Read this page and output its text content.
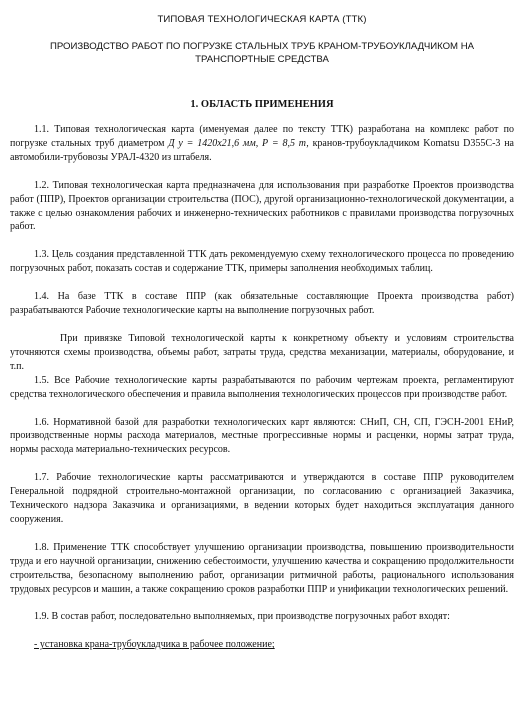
ТИПОВАЯ ТЕХНОЛОГИЧЕСКАЯ КАРТА (ТТК)

ПРОИЗВОДСТВО РАБОТ ПО ПОГРУЗКЕ СТАЛЬНЫХ ТРУБ КРАНОМ-ТРУБОУКЛАДЧИКОМ НА ТРАНСПОРТНЫЕ СРЕДСТВА

1. ОБЛАСТЬ ПРИМЕНЕНИЯ

1.1. Типовая технологическая карта (именуемая далее по тексту ТТК) разработана на комплекс работ по погрузке стальных труб диаметром Д у = 1420х21,6 мм, Р = 8,5 т, кранов-трубоукладчиком Komatsu D355C-3 на автомобили-трубовозы УРАЛ-4320 из штабеля.

1.2. Типовая технологическая карта предназначена для использования при разработке Проектов производства работ (ППР), Проектов организации строительства (ПОС), другой организационно-технологической документации, а также с целью ознакомления рабочих и инженерно-технических работников с правилами производства погрузочных работ.

1.3. Цель создания представленной ТТК дать рекомендуемую схему технологического процесса по проведению погрузочных работ, показать состав и содержание ТТК, примеры заполнения необходимых таблиц.

1.4. На базе ТТК в составе ППР (как обязательные составляющие Проекта производства работ) разрабатываются Рабочие технологические карты на выполнение погрузочных работ.

При привязке Типовой технологической карты к конкретному объекту и условиям строительства уточняются схемы производства, объемы работ, затраты труда, средства механизации, материалы, оборудование, и т.п.

1.5. Все Рабочие технологические карты разрабатываются по рабочим чертежам проекта, регламентируют средства технологического обеспечения и правила выполнения технологических процессов при производстве работ.

1.6. Нормативной базой для разработки технологических карт являются: СНиП, СН, СП, ГЭСН-2001 ЕНиР, производственные нормы расхода материалов, местные прогрессивные нормы и расценки, нормы затрат труда, нормы расхода материально-технических ресурсов.

1.7. Рабочие технологические карты рассматриваются и утверждаются в составе ППР руководителем Генеральной подрядной строительно-монтажной организации, по согласованию с организацией Заказчика, Технического надзора Заказчика и организациями, в ведении которых будет находиться эксплуатация данного сооружения.

1.8. Применение ТТК способствует улучшению организации производства, повышению производительности труда и его научной организации, снижению себестоимости, улучшению качества и сокращению продолжительности строительства, безопасному выполнению работ, организации ритмичной работы, рационального использования трудовых ресурсов и машин, а также сокращению сроков разработки ППР и унификации технологических решений.

1.9. В состав работ, последовательно выполняемых, при производстве погрузочных работ входят:

- установка крана-трубоукладчика в рабочее положение;
